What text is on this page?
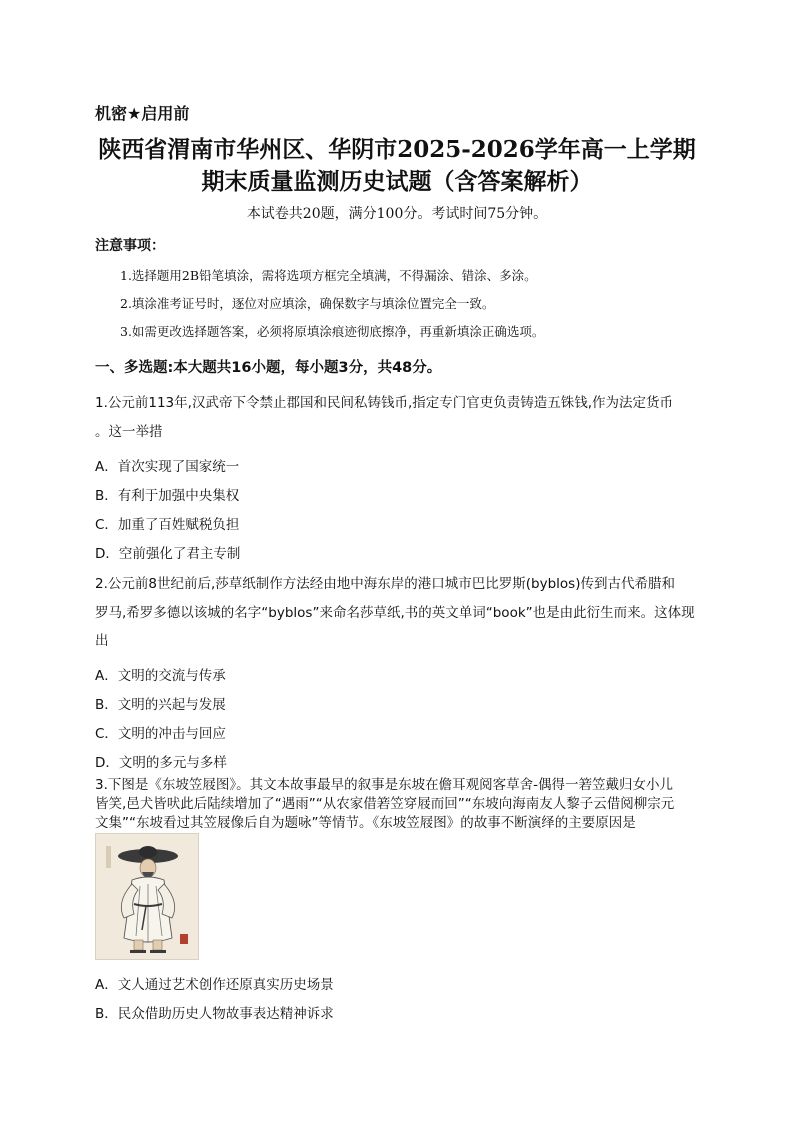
机密★启用前
陕西省渭南市华州区、华阴市2025-2026学年高一上学期
期末质量监测历史试题（含答案解析）
本试卷共20题，满分100分。考试时间75分钟。
注意事项：
1.选择题用2B铅笔填涂，需将选项方框完全填满，不得漏涂、错涂、多涂。
2.填涂准考证号时，逐位对应填涂，确保数字与填涂位置完全一致。
3.如需更改选择题答案，必须将原填涂痕迹彻底擦净，再重新填涂正确选项。
一、多选题:本大题共16小题，每小题3分，共48分。
1.公元前113年,汉武帝下令禁止郡国和民间私铸钱币,指定专门官吏负责铸造五铢钱,作为法定货币
。这一举措
A．首次实现了国家统一
B．有利于加强中央集权
C．加重了百姓赋税负担
D．空前强化了君主专制
2.公元前8世纪前后,莎草纸制作方法经由地中海东岸的港口城市巴比罗斯(byblos)传到古代希腊和
罗马,希罗多德以该城的名字“byblos”来命名莎草纸,书的英文单词“book”也是由此衍生而来。这体现
出
A．文明的交流与传承
B．文明的兴起与发展
C．文明的冲击与回应
D．文明的多元与多样
3.下图是《东坡笠屐图》。其文本故事最早的叙事是东坡在儋耳观阅客草舍-偶得一箬笠戴归女小儿
皆笑,邑犬皆吠此后陆续增加了“遇雨”“从农家借箬笠穿屐而回”“东坡向海南友人黎子云借阅柳宗元
文集”“东坡看过其笠屐像后自为题咏”等情节。《东坡笠屐图》的故事不断演绎的主要原因是
A．文人通过艺术创作还原真实历史场景
B．民众借助历史人物故事表达精神诉求
